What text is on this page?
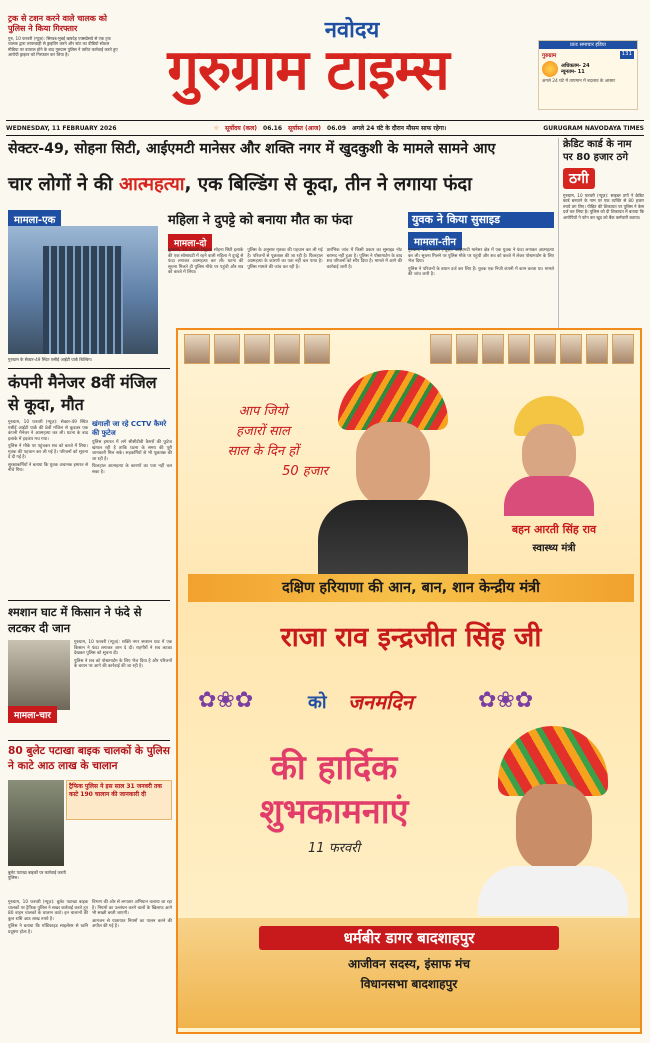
ट्रक से टशन करने वाले चालक को पुलिस ने किया गिरफ्तार
गुरु, 10 फरवरी (न्यूज़): सिरवड-मुबई ऋषदेह एक्सप्रेसवे से एक ट्रक चालक द्वारा लापरवाही से ड्राइविंग करने और स्टंट का वीडियो सोशल मीडिया पर वायरल होने के बाद गुरुग्राम पुलिस ने त्वरित कार्रवाई करते हुए आरोपी ड्राइवर को गिरफ्तार कर लिया है।
नवोदय
गुरुग्राम टाइम्स	प्रातः समाचार इंडिया
गुरुग्राम	131
अधिकतम- 24
न्यूनतम- 11
अगले 24 घंटे में तापमान में बदलाव के आसार
WEDNESDAY, 11 FEBRUARY 2026	☼ सूर्योदय (कल) 06.16 सूर्यास्त (आज) 06.09 अगले 24 घंटे के दौरान मौसम साफ रहेगा।	GURUGRAM NAVODAYA TIMES
सेक्टर-49, सोहना सिटी, आईएमटी मानेसर और शक्ति नगर में खुदकुशी के मामले सामने आए
चार लोगों ने की आत्महत्या, एक बिल्डिंग से कूदा, तीन ने लगाया फंदा
क्रेडिट कार्ड के नाम पर 80 हजार ठगे
ठगी
गुरुग्राम, 10 फरवरी (न्यूज़): साइबर ठगों ने क्रेडिट कार्ड बनवाने के नाम पर एक व्यक्ति से 80 हजार रुपये ठग लिए। पीड़ित की शिकायत पर पुलिस ने केस दर्ज कर लिया है। पुलिस को दी शिकायत में बताया कि आरोपियों ने फोन कर खुद को बैंक कर्मचारी बताया।
मामला-एक
गुरुग्राम के सेक्टर-49 स्थित एसीई आईटी पार्क बिल्डिंग।
महिला ने दुपट्टे को बनाया मौत का फंदा
मामला-दो

गुरुग्राम, 10 फरवरी (न्यूज़): सोहना सिटी इलाके की एक सोसायटी में रहने वाली महिला ने दुपट्टे से फंदा लगाकर आत्महत्या कर ली। घटना की सूचना मिलते ही पुलिस मौके पर पहुंची और शव को कब्जे में लिया।

पुलिस के अनुसार मृतका की पहचान कर ली गई है। परिजनों से पूछताछ की जा रही है। फिलहाल आत्महत्या के कारणों का पता नहीं चल पाया है। पुलिस मामले की जांच कर रही है।

प्रारंभिक जांच में किसी प्रकार का सुसाइड नोट बरामद नहीं हुआ है। पुलिस ने पोस्टमार्टम के बाद शव परिजनों को सौंप दिया है। मामले में आगे की कार्रवाई जारी है।

युवक ने किया सुसाइड
मामला-तीन

गुरुग्राम, 10 फरवरी (न्यूज़): आईएमटी मानेसर क्षेत्र में एक युवक ने फंदा लगाकर आत्महत्या कर ली। सूचना मिलने पर पुलिस मौके पर पहुंची और शव को कब्जे में लेकर पोस्टमार्टम के लिए भेज दिया।

पुलिस ने परिजनों के बयान दर्ज कर लिए हैं। युवक एक निजी कंपनी में काम करता था। मामले की जांच जारी है।

कंपनी मैनेजर 8वीं मंजिल से कूदा, मौत

गुरुग्राम, 10 फरवरी (न्यूज़): सेक्टर-49 स्थित एसीई आईटी पार्क की 8वीं मंजिल से कूदकर एक कंपनी मैनेजर ने आत्महत्या कर ली। घटना के बाद इलाके में हड़कंप मच गया।

पुलिस ने मौके पर पहुंचकर शव को कब्जे में लिया। मृतक की पहचान कर ली गई है। परिजनों को सूचना दे दी गई है।

सुरक्षाकर्मियों ने बताया कि युवक अचानक इमारत से नीचे गिरा।

खंगाली जा रहे CCTV कैमरे की फुटेज

पुलिस इमारत में लगे सीसीटीवी कैमरों की फुटेज खंगाल रही है ताकि घटना के समय की पूरी जानकारी मिल सके। सहकर्मियों से भी पूछताछ की जा रही है।

फिलहाल आत्महत्या के कारणों का पता नहीं चल सका है।

श्मशान घाट में किसान ने फंदे से लटकर दी जान
मामला-चार

गुरुग्राम, 10 फरवरी (न्यूज़): शक्ति नगर श्मशान घाट में एक किसान ने फंदा लगाकर जान दे दी। राहगीरों ने शव लटका देखकर पुलिस को सूचना दी।

पुलिस ने शव को पोस्टमार्टम के लिए भेज दिया है और परिजनों के बयान पर आगे की कार्रवाई की जा रही है।

80 बुलेट पटाखा बाइक चालकों के पुलिस ने काटे आठ लाख के चालान
ट्रैफिक पुलिस ने इस साल 31 जनवरी तक काटे 190 चालान की जानकारी दी
बुलेट पटाखा बाइकों पर कार्रवाई करती पुलिस।

गुरुग्राम, 10 फरवरी (न्यूज़): बुलेट पटाखा बाइक चालकों पर ट्रैफिक पुलिस ने सख्त कार्रवाई करते हुए 80 वाहन चालकों के चालान काटे। इन चालानों की कुल राशि आठ लाख रुपये है।

पुलिस ने बताया कि मॉडिफाइड साइलेंसर से ध्वनि प्रदूषण होता है।

विभाग की ओर से लगातार अभियान चलाया जा रहा है। नियमों का उल्लंघन करने वालों के खिलाफ आगे भी सख्ती बरती जाएगी।

आमजन से यातायात नियमों का पालन करने की अपील की गई है।

आप जियो
हजारों साल
साल के दिन हों
50 हजार
बहन आरती सिंह राव
स्वास्थ्य मंत्री
दक्षिण हरियाणा की आन, बान, शान केन्द्रीय मंत्री
राजा राव इन्द्रजीत सिंह जी
✿❀✿	को जनमदिन	✿❀✿
की हार्दिक
शुभकामनाएं
11 फरवरी
धर्मबीर डागर बादशाहपुर
आजीवन सदस्य, इंसाफ मंच
विधानसभा बादशाहपुर
